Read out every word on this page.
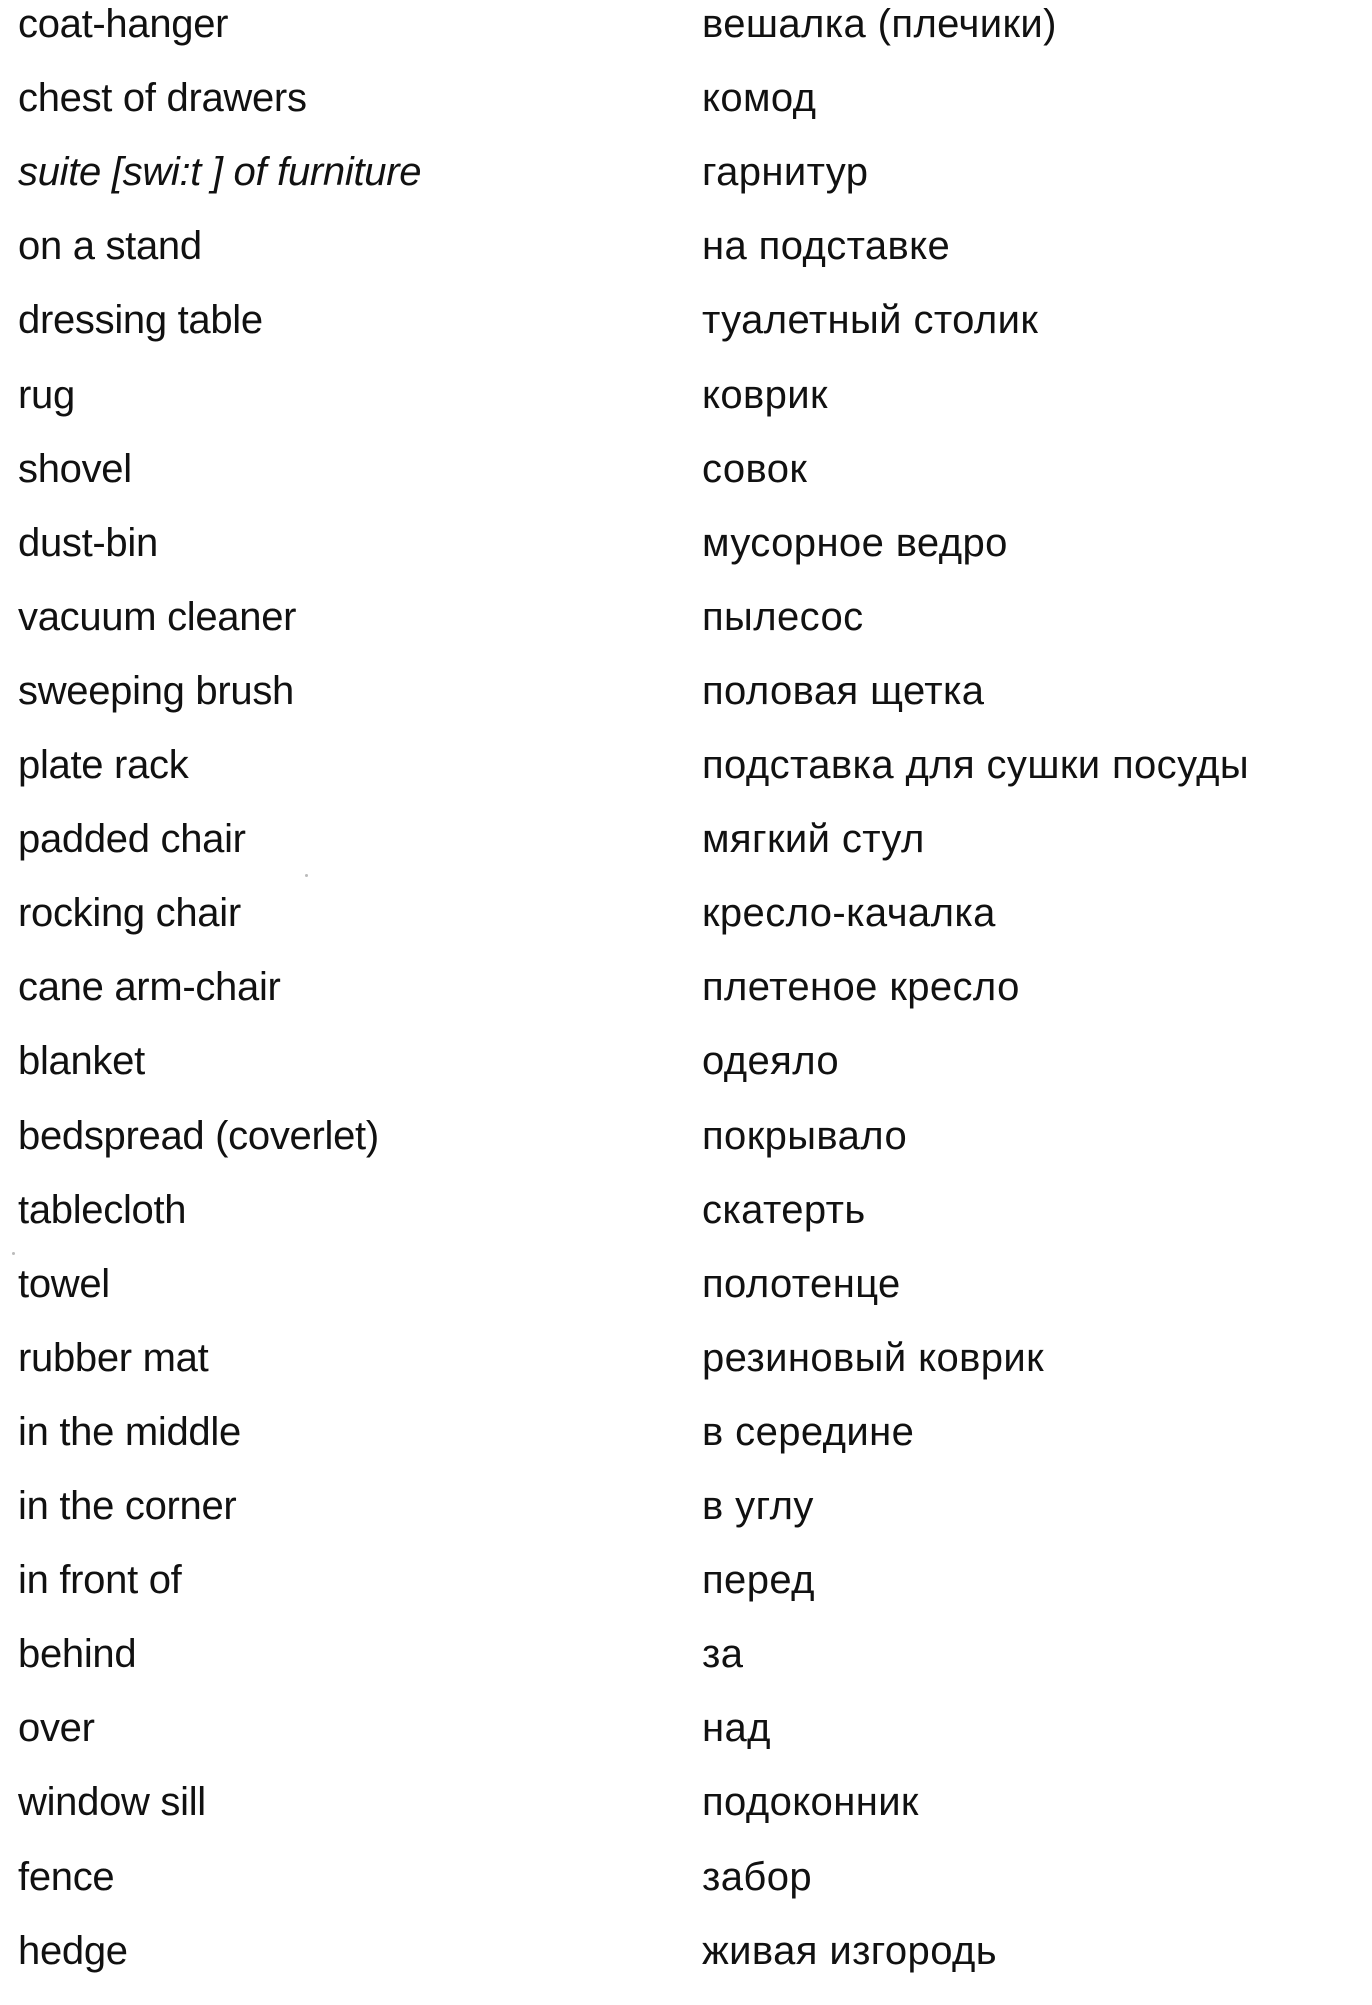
coat-hanger	вешалка (плечики)
chest of drawers	комод
suite [swi:t ] of furniture	гарнитур
on a stand	на подставке
dressing table	туалетный столик
rug	коврик
shovel	совок
dust-bin	мусорное ведро
vacuum cleaner	пылесос
sweeping brush	половая щетка
plate rack	подставка для сушки посуды
padded chair	мягкий стул
rocking chair	кресло-качалка
cane arm-chair	плетеное кресло
blanket	одеяло
bedspread (coverlet)	покрывало
tablecloth	скатерть
towel	полотенце
rubber mat	резиновый коврик
in the middle	в середине
in the corner	в углу
in front of	перед
behind	за
over	над
window sill	подоконник
fence	забор
hedge	живая изгородь
